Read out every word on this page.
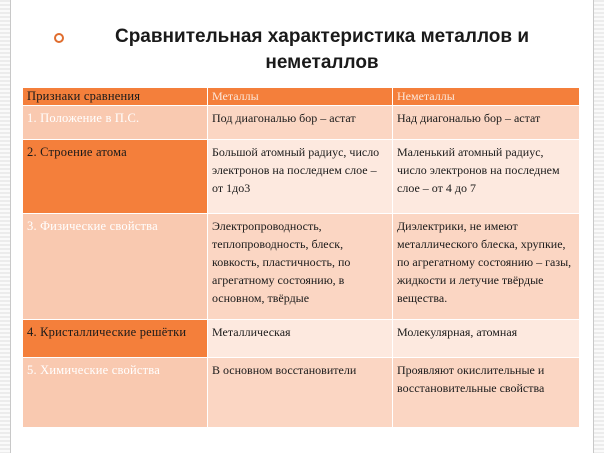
Сравнительная характеристика металлов и неметаллов
Признаки сравнения	Металлы	Неметаллы
1. Положение в П.С.	Под диагональю бор – астат	Над диагональю бор – астат
2. Строение атома	Большой атомный радиус, число электронов на последнем слое – от 1до3	Маленький атомный радиус, число электронов на последнем слое – от 4 до 7
3. Физические свойства	Электропроводность, теплопроводность, блеск, ковкость, пластичность, по агрегатному состоянию, в основном, твёрдые	Диэлектрики, не имеют металлического блеска, хрупкие, по агрегатному состоянию – газы, жидкости и летучие твёрдые вещества.
4. Кристаллические решётки	Металлическая	Молекулярная, атомная
5. Химические свойства	В основном восстановители	Проявляют окислительные и восстановительные свойства
